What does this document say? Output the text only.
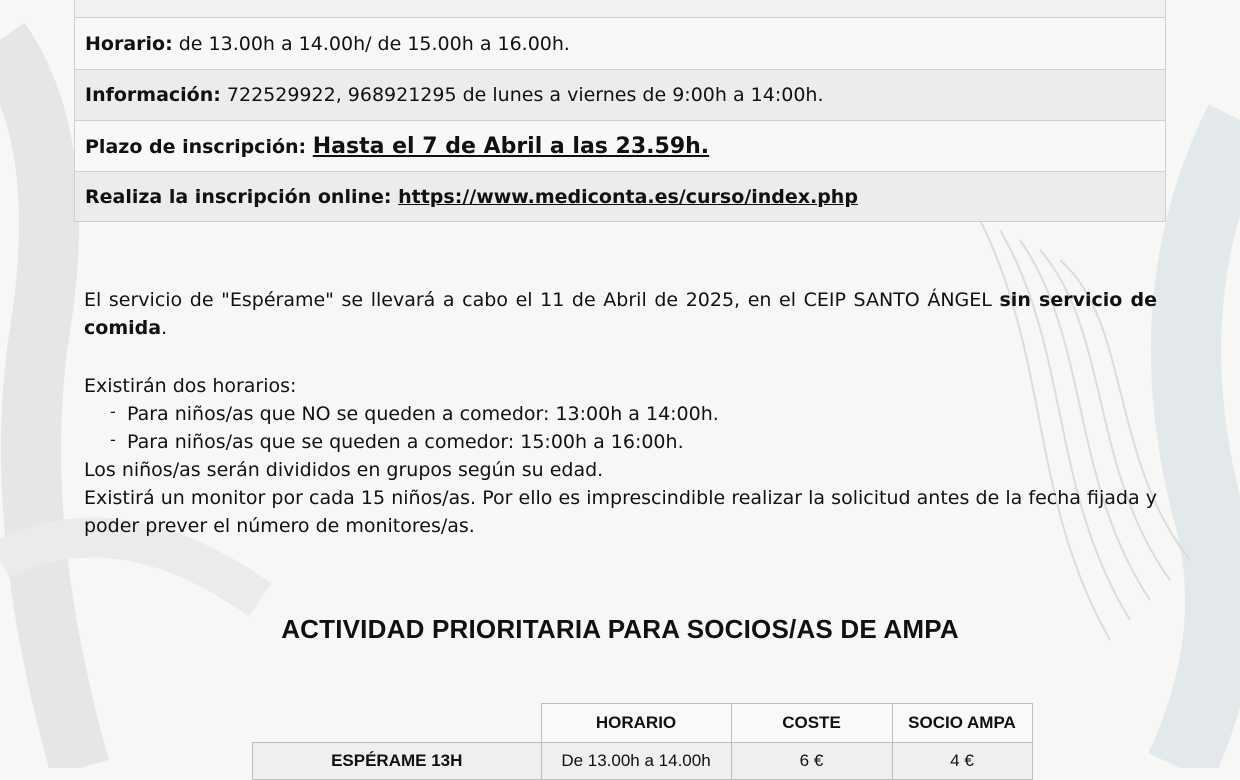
Horario: de 13.00h a 14.00h/ de 15.00h a 16.00h.
Información: 722529922, 968921295 de lunes a viernes de 9:00h a 14:00h.
Plazo de inscripción: Hasta el 7 de Abril a las 23.59h.
Realiza la inscripción online: https://www.mediconta.es/curso/index.php
El servicio de "Espérame" se llevará a cabo el 11 de Abril de 2025, en el CEIP SANTO ÁNGEL sin servicio de comida.
Existirán dos horarios:
- Para niños/as que NO se queden a comedor: 13:00h a 14:00h.
- Para niños/as que se queden a comedor: 15:00h a 16:00h.
Los niños/as serán divididos en grupos según su edad.
Existirá un monitor por cada 15 niños/as. Por ello es imprescindible realizar la solicitud antes de la fecha fijada y poder prever el número de monitores/as.
ACTIVIDAD PRIORITARIA PARA SOCIOS/AS DE AMPA
	HORARIO	COSTE	SOCIO AMPA
ESPÉRAME 13H	De 13.00h a 14.00h	6 €	4 €
